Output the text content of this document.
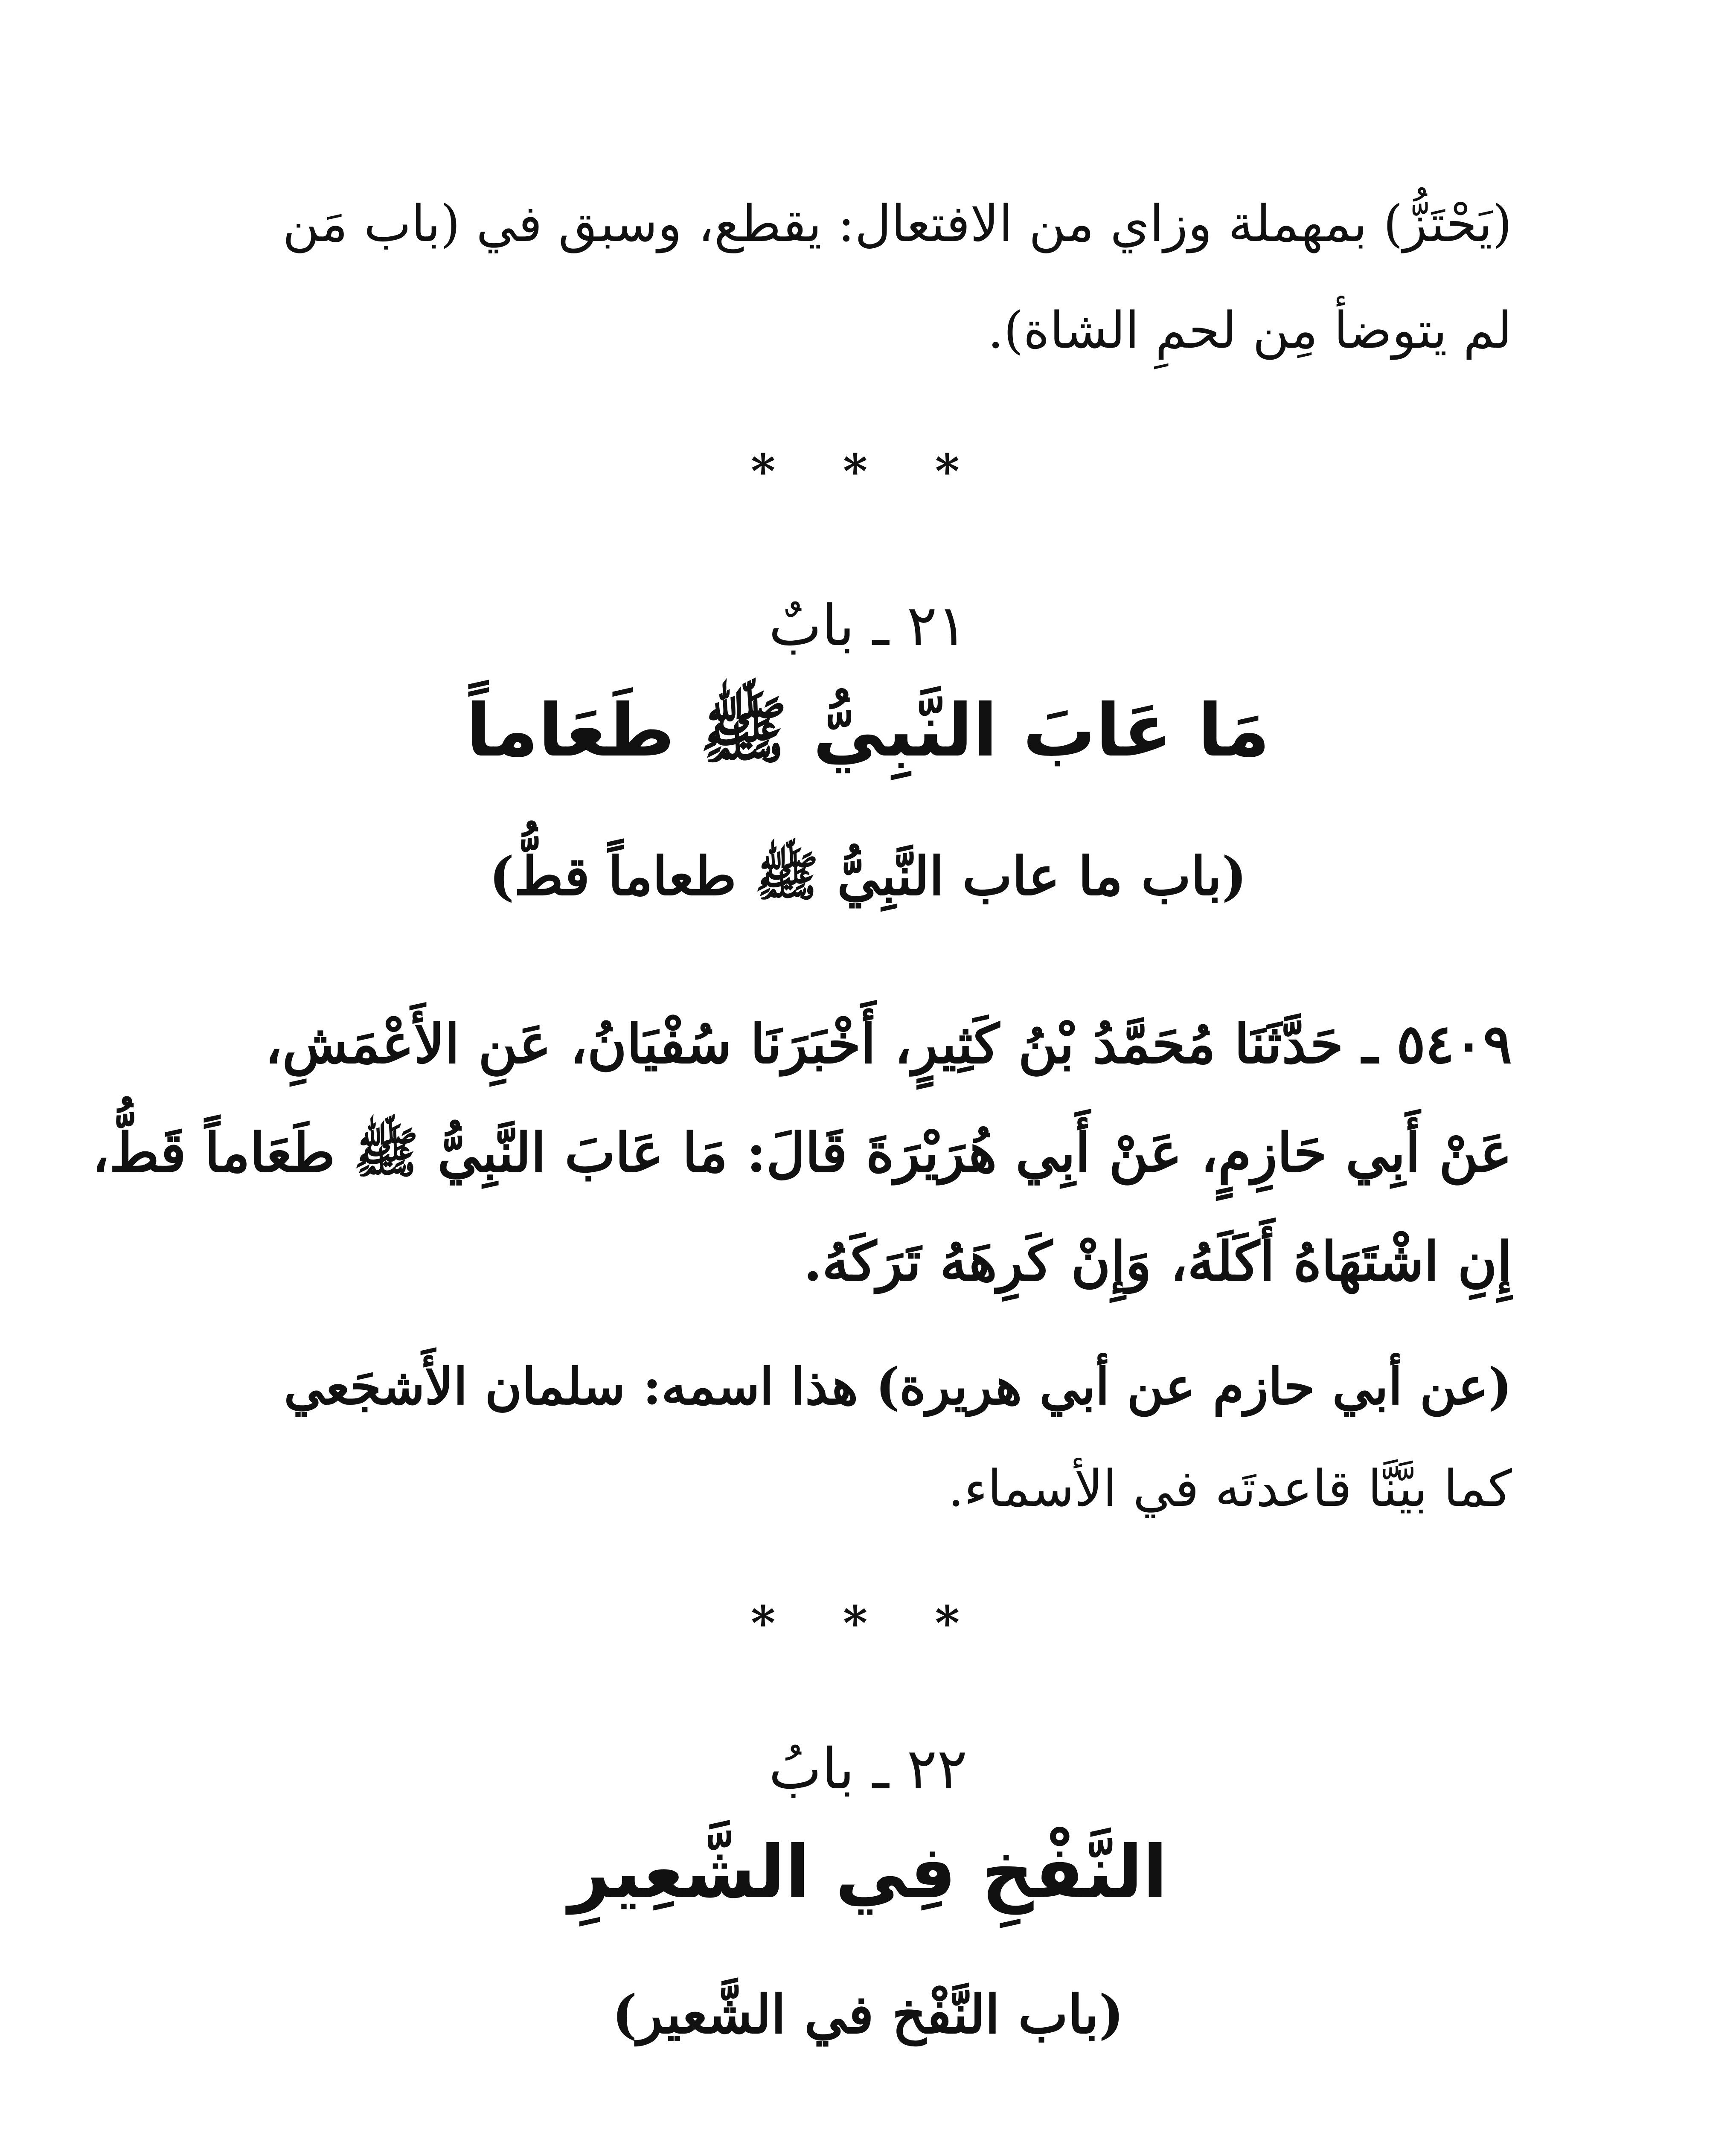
(يَحْتَزُّ) بمهملة وزاي من الافتعال: يقطع، وسبق في (باب مَن
لم يتوضأ مِن لحمِ الشاة).
* * *
٢١ ـ بابٌ
مَا عَابَ النَّبِيُّ ﷺ طَعَاماً
(باب ما عاب النَّبِيُّ ﷺ طعاماً قطُّ)
٥٤٠٩ ـ حَدَّثَنَا مُحَمَّدُ بْنُ كَثِيرٍ، أَخْبَرَنَا سُفْيَانُ، عَنِ الأَعْمَشِ،
عَنْ أَبِي حَازِمٍ، عَنْ أَبِي هُرَيْرَةَ قَالَ: مَا عَابَ النَّبِيُّ ﷺ طَعَاماً قَطُّ،
إِنِ اشْتَهَاهُ أَكَلَهُ، وَإِنْ كَرِهَهُ تَرَكَهُ.
(عن أبي حازم عن أبي هريرة) هذا اسمه: سلمان الأَشجَعي
كما بيَّنَّا قاعدتَه في الأسماء.
* * *
٢٢ ـ بابُ
النَّفْخِ فِي الشَّعِيرِ
(باب النَّفْخ في الشَّعير)
